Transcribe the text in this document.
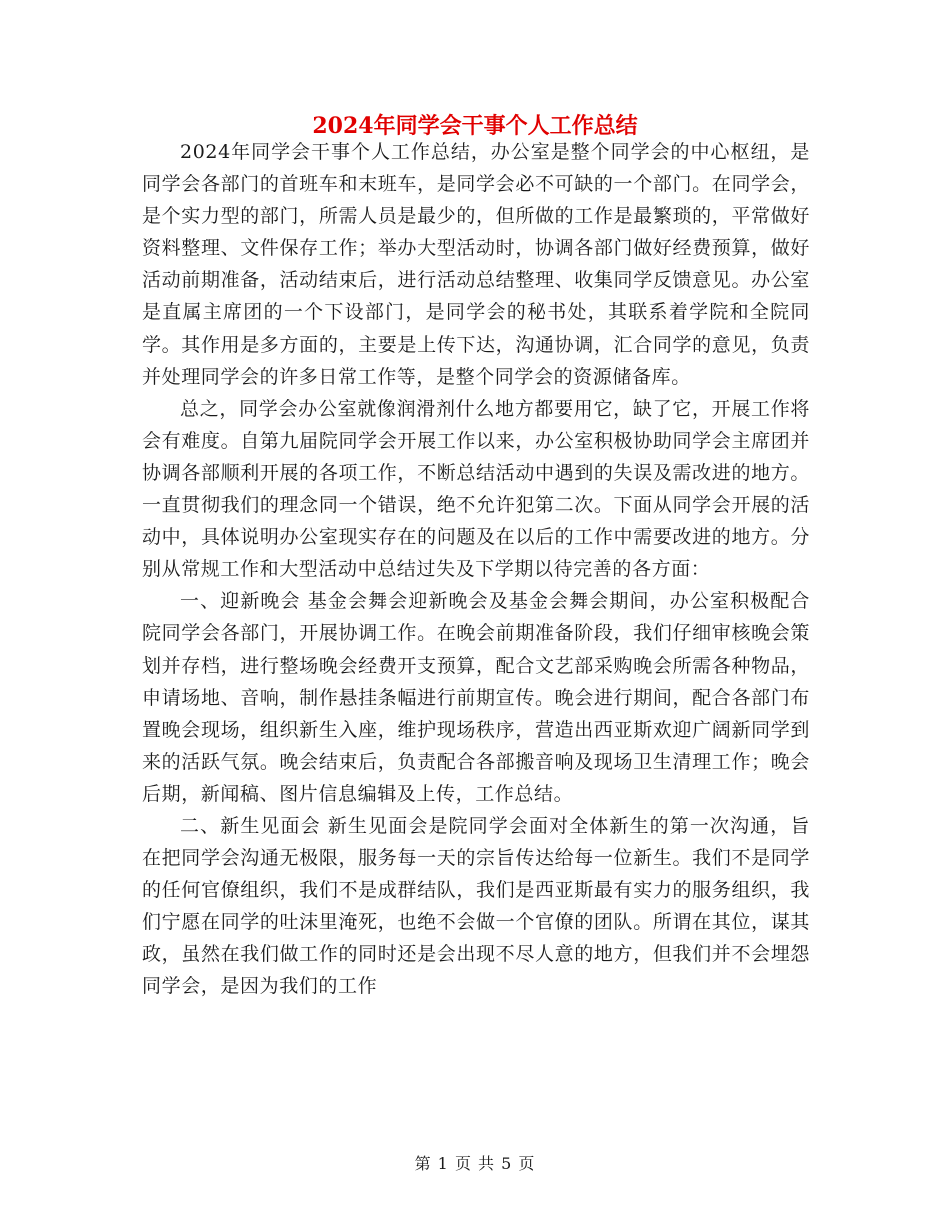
2024年同学会干事个人工作总结

2024年同学会干事个人工作总结，办公室是整个同学会的中心枢纽，是同学会各部门的首班车和末班车，是同学会必不可缺的一个部门。在同学会，是个实力型的部门，所需人员是最少的，但所做的工作是最繁琐的，平常做好资料整理、文件保存工作；举办大型活动时，协调各部门做好经费预算，做好活动前期准备，活动结束后，进行活动总结整理、收集同学反馈意见。办公室是直属主席团的一个下设部门，是同学会的秘书处，其联系着学院和全院同学。其作用是多方面的，主要是上传下达，沟通协调，汇合同学的意见，负责并处理同学会的许多日常工作等，是整个同学会的资源储备库。

总之，同学会办公室就像润滑剂什么地方都要用它，缺了它，开展工作将会有难度。自第九届院同学会开展工作以来，办公室积极协助同学会主席团并协调各部顺利开展的各项工作，不断总结活动中遇到的失误及需改进的地方。一直贯彻我们的理念同一个错误，绝不允许犯第二次。下面从同学会开展的活动中，具体说明办公室现实存在的问题及在以后的工作中需要改进的地方。分别从常规工作和大型活动中总结过失及下学期以待完善的各方面：

一、迎新晚会 基金会舞会迎新晚会及基金会舞会期间，办公室积极配合院同学会各部门，开展协调工作。在晚会前期准备阶段，我们仔细审核晚会策划并存档，进行整场晚会经费开支预算，配合文艺部采购晚会所需各种物品，申请场地、音响，制作悬挂条幅进行前期宣传。晚会进行期间，配合各部门布置晚会现场，组织新生入座，维护现场秩序，营造出西亚斯欢迎广阔新同学到来的活跃气氛。晚会结束后，负责配合各部搬音响及现场卫生清理工作；晚会后期，新闻稿、图片信息编辑及上传，工作总结。

二、新生见面会 新生见面会是院同学会面对全体新生的第一次沟通，旨在把同学会沟通无极限，服务每一天的宗旨传达给每一位新生。我们不是同学的任何官僚组织，我们不是成群结队，我们是西亚斯最有实力的服务组织，我们宁愿在同学的吐沫里淹死，也绝不会做一个官僚的团队。所谓在其位，谋其政，虽然在我们做工作的同时还是会出现不尽人意的地方，但我们并不会埋怨同学会，是因为我们的工作

第 1 页 共 5 页
